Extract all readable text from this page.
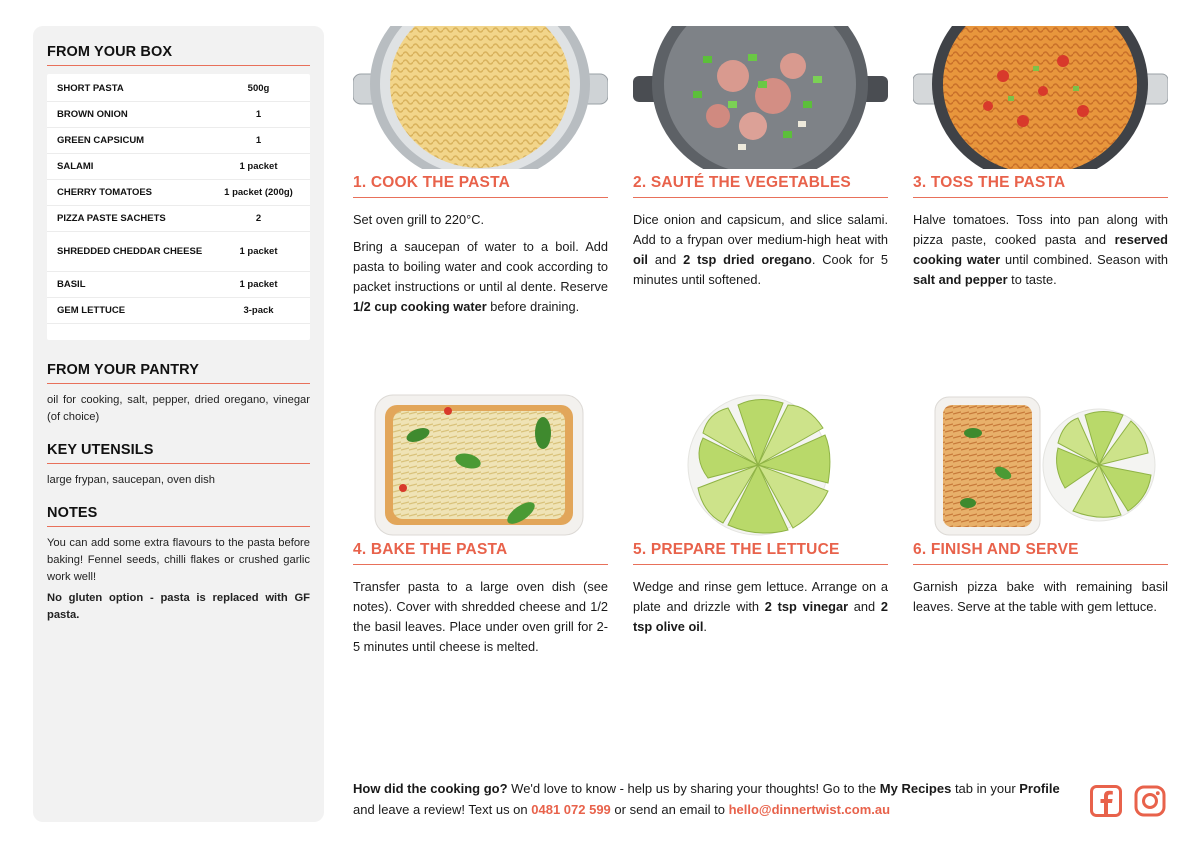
FROM YOUR BOX
SHORT PASTA	500g
BROWN ONION	1
GREEN CAPSICUM	1
SALAMI	1 packet
CHERRY TOMATOES	1 packet (200g)
PIZZA PASTE SACHETS	2
SHREDDED CHEDDAR CHEESE	1 packet
BASIL	1 packet
GEM LETTUCE	3-pack
FROM YOUR PANTRY

oil for cooking, salt, pepper, dried oregano, vinegar (of choice)

KEY UTENSILS

large frypan, saucepan, oven dish

NOTES

You can add some extra flavours to the pasta before baking! Fennel seeds, chilli flakes or crushed garlic work well!

No gluten option - pasta is replaced with GF pasta.

1. COOK THE PASTA

Set oven grill to 220°C.

Bring a saucepan of water to a boil. Add pasta to boiling water and cook according to packet instructions or until al dente. Reserve 1/2 cup cooking water before draining.

2. SAUTÉ THE VEGETABLES

Dice onion and capsicum, and slice salami. Add to a frypan over medium-high heat with oil and 2 tsp dried oregano. Cook for 5 minutes until softened.

3. TOSS THE PASTA

Halve tomatoes. Toss into pan along with pizza paste, cooked pasta and reserved cooking water until combined. Season with salt and pepper to taste.

4. BAKE THE PASTA

Transfer pasta to a large oven dish (see notes). Cover with shredded cheese and 1/2 the basil leaves. Place under oven grill for 2-5 minutes until cheese is melted.

5. PREPARE THE LETTUCE

Wedge and rinse gem lettuce. Arrange on a plate and drizzle with 2 tsp vinegar and 2 tsp olive oil.

6. FINISH AND SERVE

Garnish pizza bake with remaining basil leaves. Serve at the table with gem lettuce.

How did the cooking go? We'd love to know - help us by sharing your thoughts! Go to the My Recipes tab in your Profile and leave a review! Text us on 0481 072 599 or send an email to hello@dinnertwist.com.au
